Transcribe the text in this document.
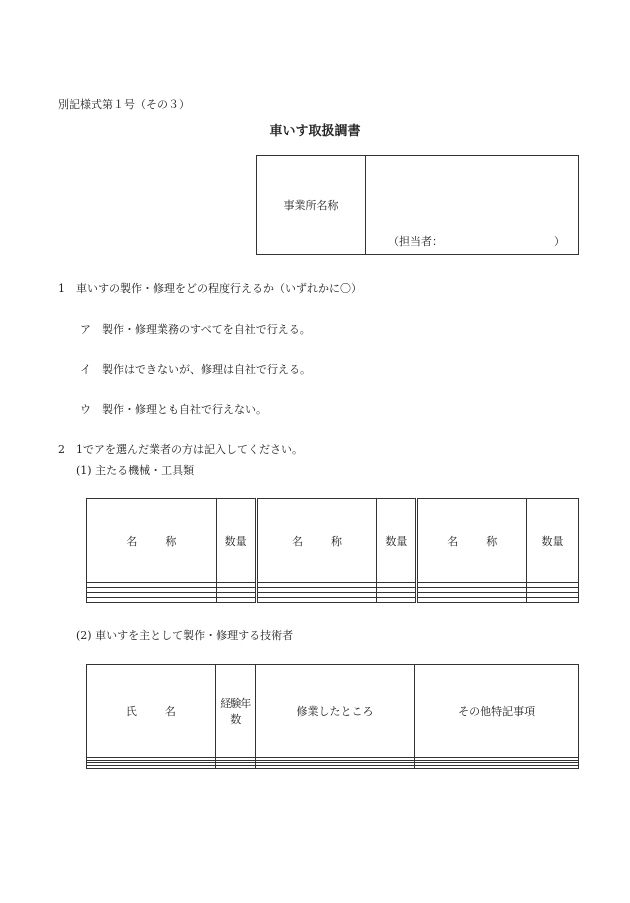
別記様式第１号（その３）
車いす取扱調書
事業所名称	
（担当者：	）
1　車いすの製作・修理をどの程度行えるか（いずれかに〇）
ア　製作・修理業務のすべてを自社で行える。
イ　製作はできないが、修理は自社で行える。
ウ　製作・修理とも自社で行えない。
2　1でアを選んだ業者の方は記入してください。
(1) 主たる機械・工具類
名 称	数量	名 称	数量	名 称	数量

(2) 車いすを主として製作・修理する技術者
氏 名	経験年数	修業したところ	その他特記事項
